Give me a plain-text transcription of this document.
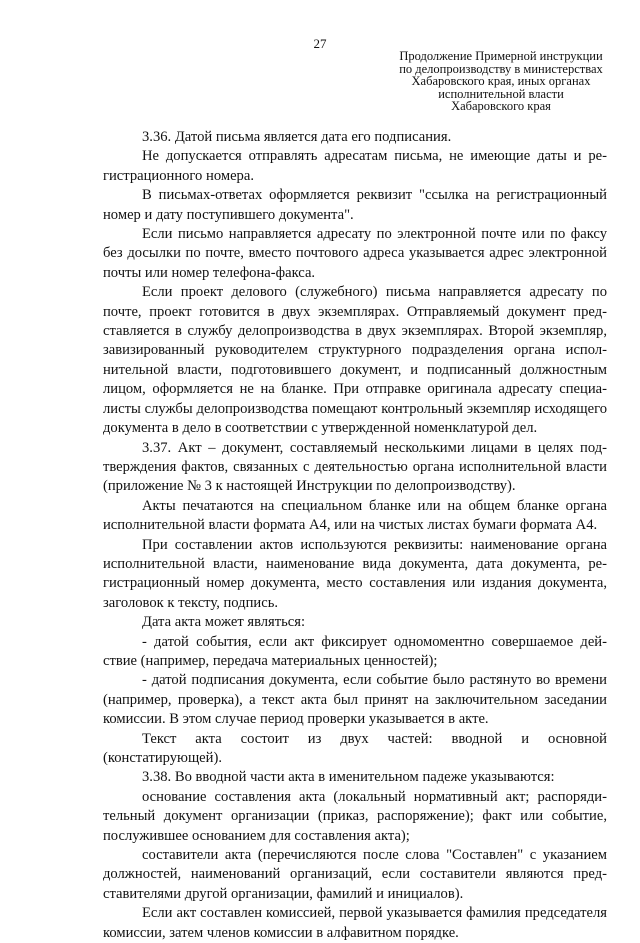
27
Продолжение Примерной инструкции
по делопроизводству в министерствах
Хабаровского края, иных органах
исполнительной власти
Хабаровского края

3.36. Датой письма является дата его подписания.

Не допускается отправлять адресатам письма, не имеющие даты и регистрационного номера.

В письмах-ответах оформляется реквизит "ссылка на регистрационный номер и дату поступившего документа".

Если письмо направляется адресату по электронной почте или по факсу без досылки по почте, вместо почтового адреса указывается адрес электронной почты или номер телефона-факса.

Если проект делового (служебного) письма направляется адресату по почте, проект готовится в двух экземплярах. Отправляемый документ представляется в службу делопроизводства в двух экземплярах. Второй экземпляр, завизированный руководителем структурного подразделения органа исполнительной власти, подготовившего документ, и подписанный должностным лицом, оформляется не на бланке. При отправке оригинала адресату специалисты службы делопроизводства помещают контрольный экземпляр исходящего документа в дело в соответствии с утвержденной номенклатурой дел.

3.37. Акт – документ, составляемый несколькими лицами в целях подтверждения фактов, связанных с деятельностью органа исполнительной власти (приложение № 3 к настоящей Инструкции по делопроизводству).

Акты печатаются на специальном бланке или на общем бланке органа исполнительной власти формата А4, или на чистых листах бумаги формата А4.

При составлении актов используются реквизиты: наименование органа исполнительной власти, наименование вида документа, дата документа, регистрационный номер документа, место составления или издания документа, заголовок к тексту, подпись.

Дата акта может являться:

- датой события, если акт фиксирует одномоментно совершаемое действие (например, передача материальных ценностей);

- датой подписания документа, если событие было растянуто во времени (например, проверка), а текст акта был принят на заключительном заседании комиссии. В этом случае период проверки указывается в акте.

Текст акта состоит из двух частей: вводной и основной (констатирующей).

3.38. Во вводной части акта в именительном падеже указываются:

основание составления акта (локальный нормативный акт; распорядительный документ организации (приказ, распоряжение); факт или событие, послужившее основанием для составления акта);

составители акта (перечисляются после слова "Составлен" с указанием должностей, наименований организаций, если составители являются представителями другой организации, фамилий и инициалов).

Если акт составлен комиссией, первой указывается фамилия председателя комиссии, затем членов комиссии в алфавитном порядке.
